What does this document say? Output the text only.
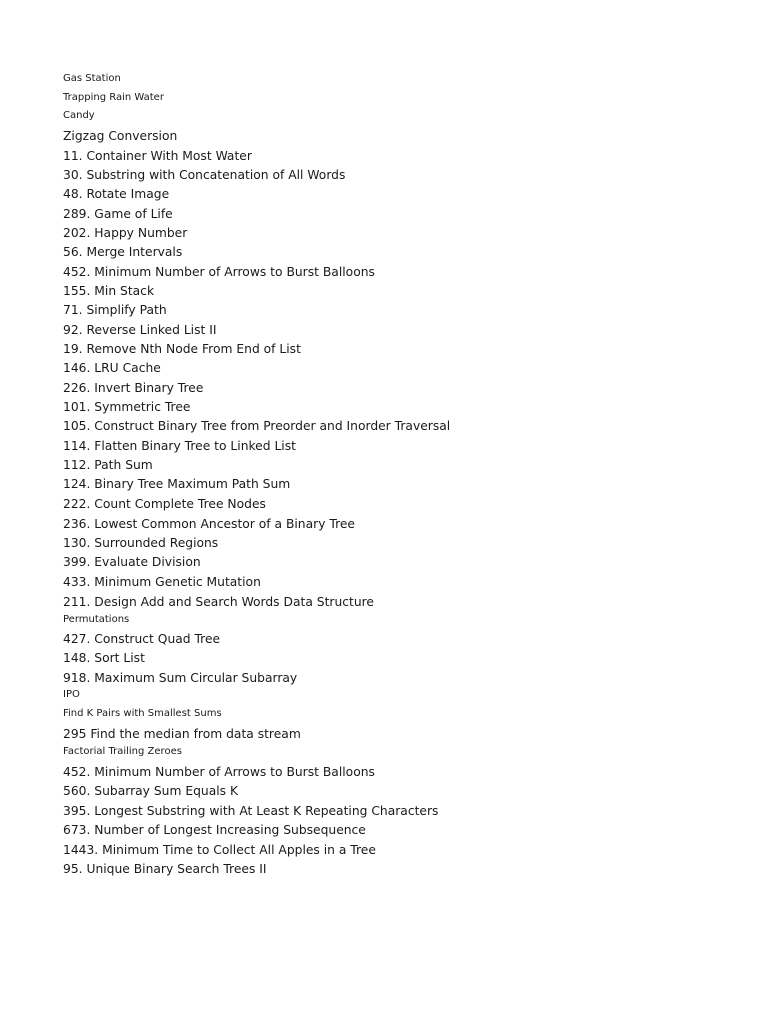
Gas Station
Trapping Rain Water
Candy
Zigzag Conversion
11. Container With Most Water
30. Substring with Concatenation of All Words
48. Rotate Image
289. Game of Life
202. Happy Number
56. Merge Intervals
452. Minimum Number of Arrows to Burst Balloons
155. Min Stack
71. Simplify Path
92. Reverse Linked List II
19. Remove Nth Node From End of List
146. LRU Cache
226. Invert Binary Tree
101. Symmetric Tree
105. Construct Binary Tree from Preorder and Inorder Traversal
114. Flatten Binary Tree to Linked List
112. Path Sum
124. Binary Tree Maximum Path Sum
222. Count Complete Tree Nodes
236. Lowest Common Ancestor of a Binary Tree
130. Surrounded Regions
399. Evaluate Division
433. Minimum Genetic Mutation
211. Design Add and Search Words Data Structure
Permutations
427. Construct Quad Tree
148. Sort List
918. Maximum Sum Circular Subarray
IPO
Find K Pairs with Smallest Sums
295 Find the median from data stream
Factorial Trailing Zeroes
452. Minimum Number of Arrows to Burst Balloons
560. Subarray Sum Equals K
395. Longest Substring with At Least K Repeating Characters
673. Number of Longest Increasing Subsequence
1443. Minimum Time to Collect All Apples in a Tree
95. Unique Binary Search Trees II
